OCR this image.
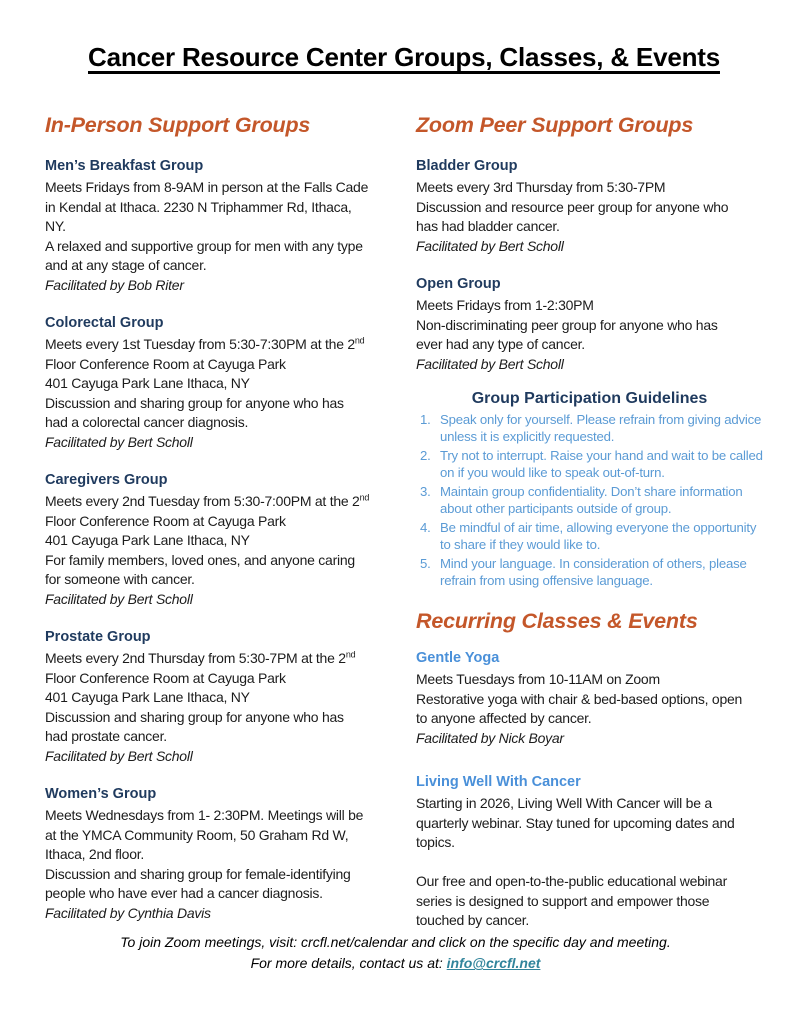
Cancer Resource Center Groups, Classes, & Events
In-Person Support Groups
Men’s Breakfast Group
Meets Fridays from 8-9AM in person at the Falls Cade
in Kendal at Ithaca. 2230 N Triphammer Rd, Ithaca,
NY.
A relaxed and supportive group for men with any type
and at any stage of cancer.
Facilitated by Bob Riter
Colorectal Group
Meets every 1st Tuesday from 5:30-7:30PM at the 2nd
Floor Conference Room at Cayuga Park
401 Cayuga Park Lane Ithaca, NY
Discussion and sharing group for anyone who has
had a colorectal cancer diagnosis.
Facilitated by Bert Scholl
Caregivers Group
Meets every 2nd Tuesday from 5:30-7:00PM at the 2nd
Floor Conference Room at Cayuga Park
401 Cayuga Park Lane Ithaca, NY
For family members, loved ones, and anyone caring
for someone with cancer.
Facilitated by Bert Scholl
Prostate Group
Meets every 2nd Thursday from 5:30-7PM at the 2nd
Floor Conference Room at Cayuga Park
401 Cayuga Park Lane Ithaca, NY
Discussion and sharing group for anyone who has
had prostate cancer.
Facilitated by Bert Scholl
Women’s Group
Meets Wednesdays from 1- 2:30PM. Meetings will be
at the YMCA Community Room, 50 Graham Rd W,
Ithaca, 2nd floor.
Discussion and sharing group for female-identifying
people who have ever had a cancer diagnosis.
Facilitated by Cynthia Davis
Zoom Peer Support Groups
Bladder Group
Meets every 3rd Thursday from 5:30-7PM
Discussion and resource peer group for anyone who
has had bladder cancer.
Facilitated by Bert Scholl
Open Group
Meets Fridays from 1-2:30PM
Non-discriminating peer group for anyone who has
ever had any type of cancer.
Facilitated by Bert Scholl
Group Participation Guidelines
1. Speak only for yourself. Please refrain from giving advice unless it is explicitly requested.
2. Try not to interrupt. Raise your hand and wait to be called on if you would like to speak out-of-turn.
3. Maintain group confidentiality. Don’t share information about other participants outside of group.
4. Be mindful of air time, allowing everyone the opportunity to share if they would like to.
5. Mind your language. In consideration of others, please refrain from using offensive language.
Recurring Classes & Events
Gentle Yoga
Meets Tuesdays from 10-11AM on Zoom
Restorative yoga with chair & bed-based options, open
to anyone affected by cancer.
Facilitated by Nick Boyar
Living Well With Cancer
Starting in 2026, Living Well With Cancer will be a
quarterly webinar. Stay tuned for upcoming dates and
topics.
Our free and open-to-the-public educational webinar
series is designed to support and empower those
touched by cancer.
To join Zoom meetings, visit: crcfl.net/calendar and click on the specific day and meeting.
For more details, contact us at: info@crcfl.net
